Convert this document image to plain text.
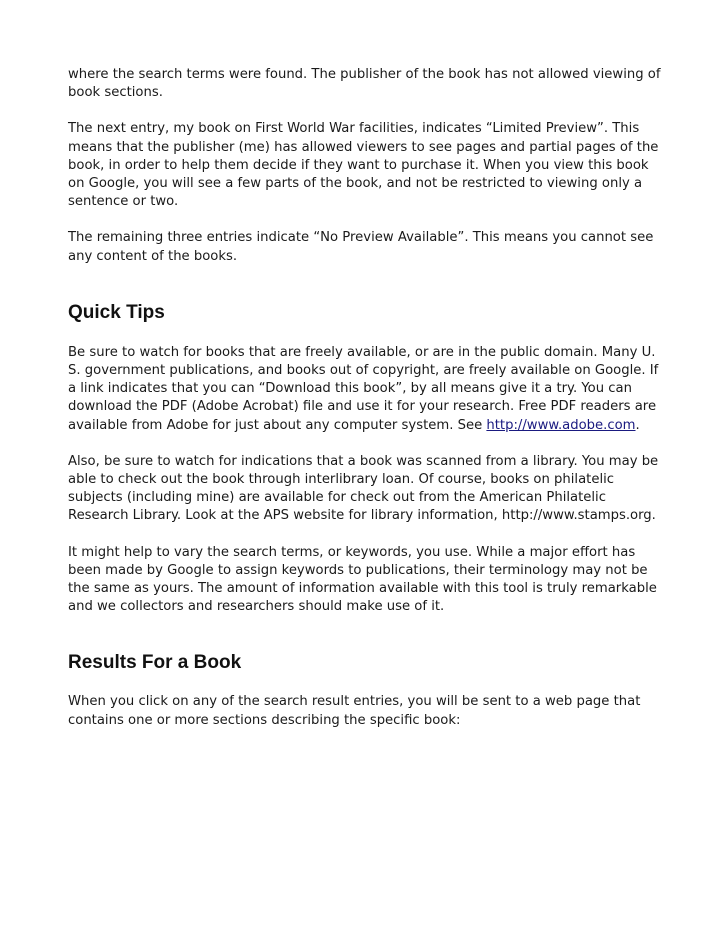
where the search terms were found. The publisher of the book has not allowed viewing of book sections.

The next entry, my book on First World War facilities, indicates “Limited Preview”. This means that the publisher (me) has allowed viewers to see pages and partial pages of the book, in order to help them decide if they want to purchase it. When you view this book on Google, you will see a few parts of the book, and not be restricted to viewing only a sentence or two.

The remaining three entries indicate “No Preview Available”. This means you cannot see any content of the books.

Quick Tips

Be sure to watch for books that are freely available, or are in the public domain. Many U. S. government publications, and books out of copyright, are freely available on Google. If a link indicates that you can “Download this book”, by all means give it a try. You can download the PDF (Adobe Acrobat) file and use it for your research. Free PDF readers are available from Adobe for just about any computer system. See http://www.adobe.com.

Also, be sure to watch for indications that a book was scanned from a library. You may be able to check out the book through interlibrary loan. Of course, books on philatelic subjects (including mine) are available for check out from the American Philatelic Research Library. Look at the APS website for library information, http://www.stamps.org.

It might help to vary the search terms, or keywords, you use. While a major effort has been made by Google to assign keywords to publications, their terminology may not be the same as yours. The amount of information available with this tool is truly remarkable and we collectors and researchers should make use of it.

Results For a Book

When you click on any of the search result entries, you will be sent to a web page that contains one or more sections describing the specific book:
